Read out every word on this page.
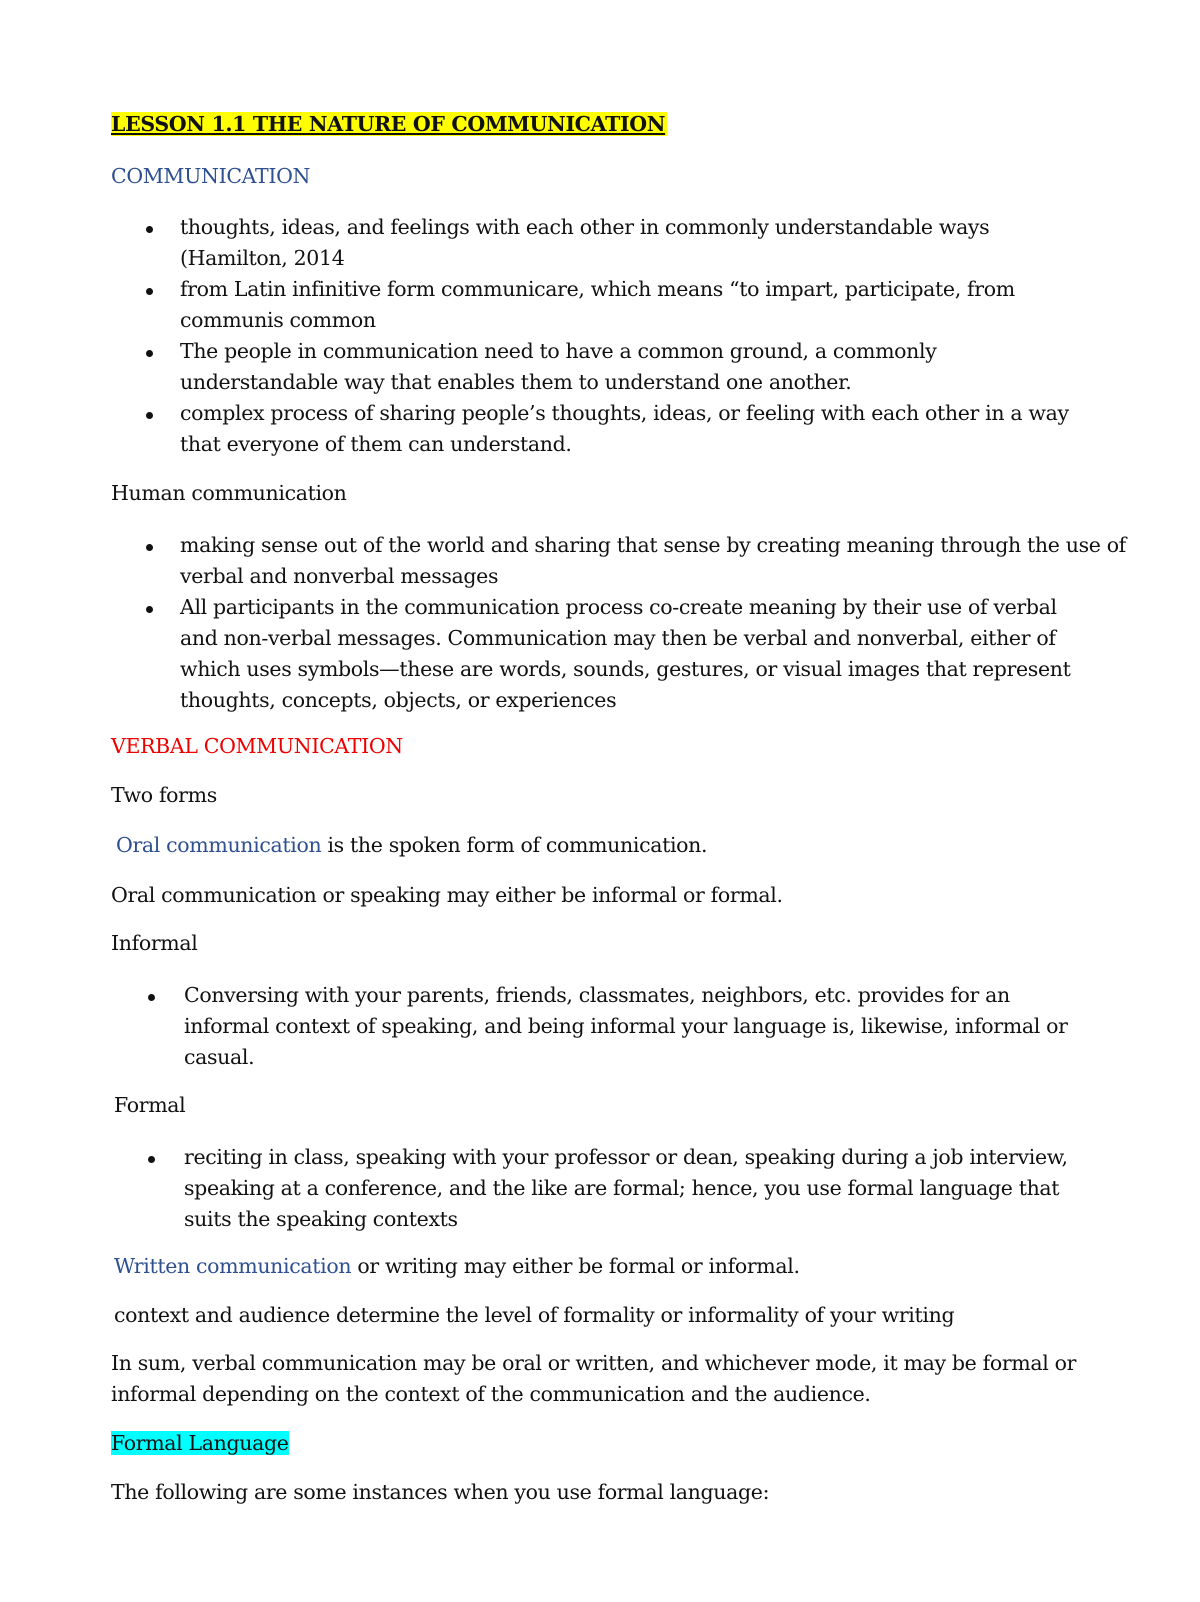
LESSON 1.1 THE NATURE OF COMMUNICATION
COMMUNICATION
thoughts, ideas, and feelings with each other in commonly understandable ways (Hamilton, 2014
from Latin infinitive form communicare, which means “to impart, participate, from communis common
The people in communication need to have a common ground, a commonly understandable way that enables them to understand one another.
complex process of sharing people’s thoughts, ideas, or feeling with each other in a way that everyone of them can understand.
Human communication
making sense out of the world and sharing that sense by creating meaning through the use of verbal and nonverbal messages
All participants in the communication process co-create meaning by their use of verbal and non-verbal messages. Communication may then be verbal and nonverbal, either of which uses symbols—these are words, sounds, gestures, or visual images that represent thoughts, concepts, objects, or experiences
VERBAL COMMUNICATION
Two forms
Oral communication is the spoken form of communication.
Oral communication or speaking may either be informal or formal.
Informal
Conversing with your parents, friends, classmates, neighbors, etc. provides for an informal context of speaking, and being informal your language is, likewise, informal or casual.
Formal
reciting in class, speaking with your professor or dean, speaking during a job interview, speaking at a conference, and the like are formal; hence, you use formal language that suits the speaking contexts
Written communication or writing may either be formal or informal.
context and audience determine the level of formality or informality of your writing
In sum, verbal communication may be oral or written, and whichever mode, it may be formal or informal depending on the context of the communication and the audience.
Formal Language
The following are some instances when you use formal language:
